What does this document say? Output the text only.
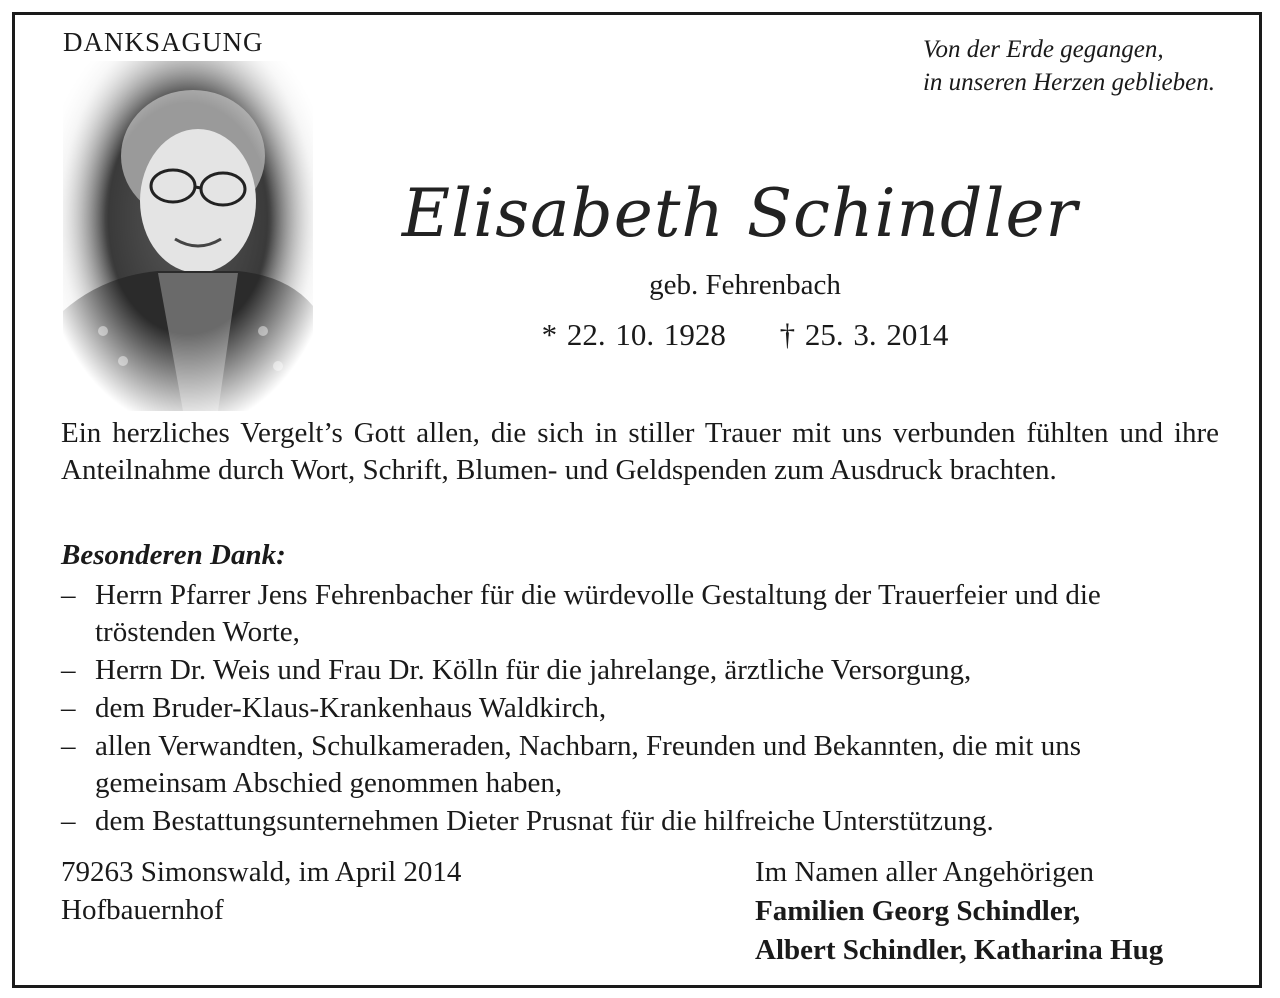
DANKSAGUNG	Von der Erde gegangen,
in unseren Herzen geblieben.
Elisabeth Schindler
geb. Fehrenbach
* 22. 10. 1928 † 25. 3. 2014
Ein herzliches Vergelt’s Gott allen, die sich in stiller Trauer mit uns verbunden fühlten und ihre Anteilnahme durch Wort, Schrift, Blumen- und Geldspenden zum Ausdruck brachten.
Besonderen Dank:
– Herrn Pfarrer Jens Fehrenbacher für die würdevolle Gestaltung der Trauerfeier und die tröstenden Worte,
– Herrn Dr. Weis und Frau Dr. Kölln für die jahrelange, ärztliche Versorgung,
– dem Bruder-Klaus-Krankenhaus Waldkirch,
– allen Verwandten, Schulkameraden, Nachbarn, Freunden und Bekannten, die mit uns gemeinsam Abschied genommen haben,
– dem Bestattungsunternehmen Dieter Prusnat für die hilfreiche Unterstützung.
79263 Simonswald, im April 2014
Hofbauernhof
Im Namen aller Angehörigen
Familien Georg Schindler,
Albert Schindler, Katharina Hug
